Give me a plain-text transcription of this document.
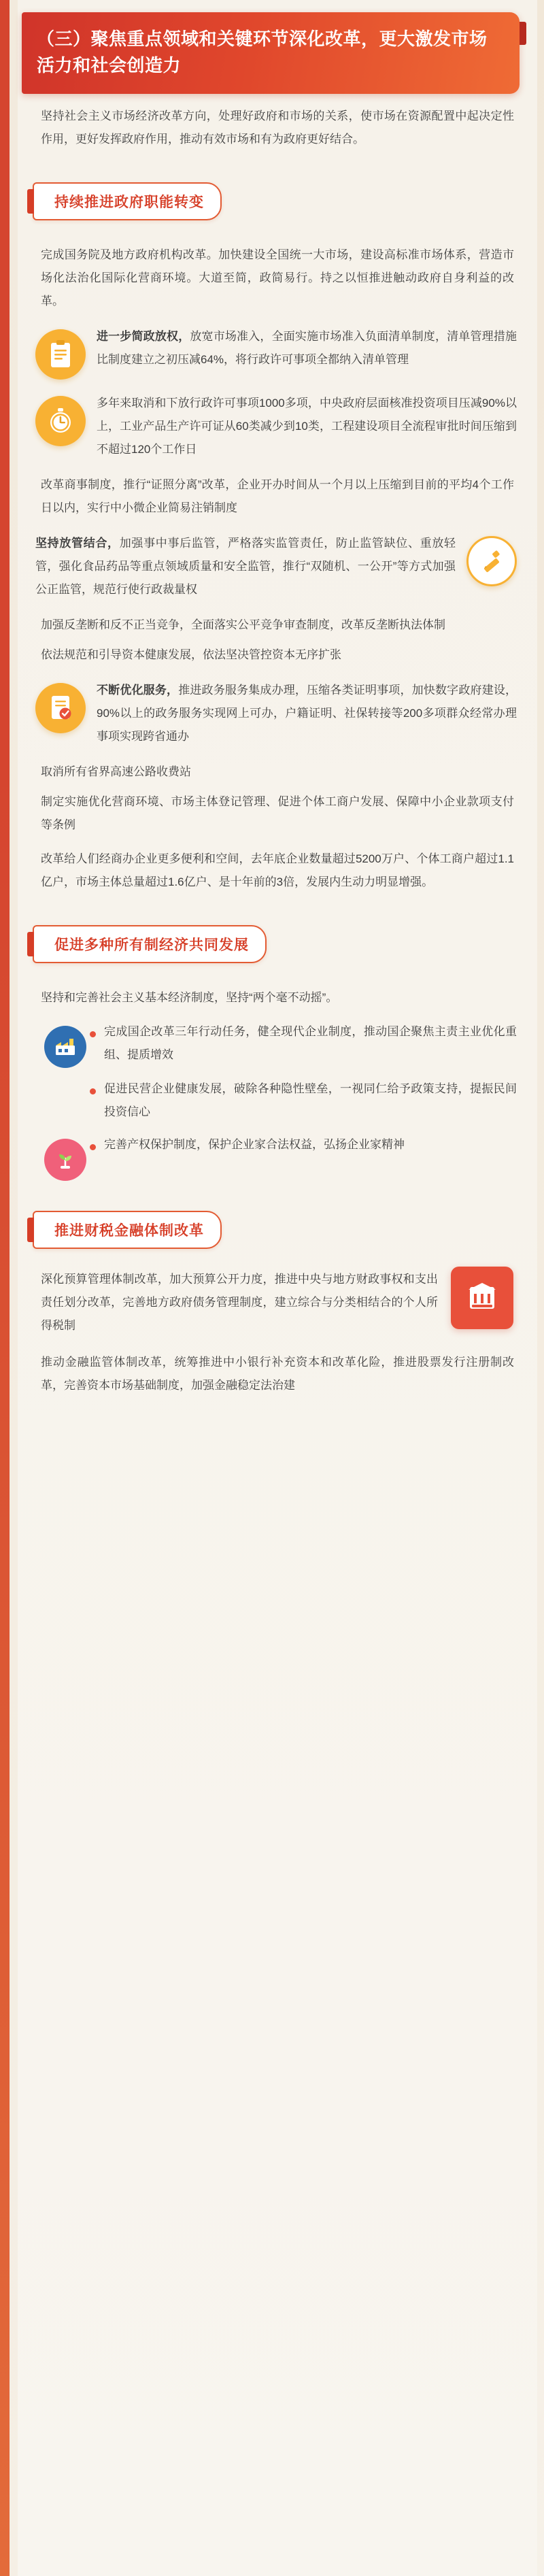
（三）聚焦重点领域和关键环节深化改革，更大激发市场活力和社会创造力

坚持社会主义市场经济改革方向，处理好政府和市场的关系，使市场在资源配置中起决定性作用，更好发挥政府作用，推动有效市场和有为政府更好结合。

持续推进政府职能转变

完成国务院及地方政府机构改革。加快建设全国统一大市场，建设高标准市场体系，营造市场化法治化国际化营商环境。大道至简，政简易行。持之以恒推进触动政府自身利益的改革。

进一步简政放权，放宽市场准入，全面实施市场准入负面清单制度，清单管理措施比制度建立之初压减64%，将行政许可事项全都纳入清单管理
多年来取消和下放行政许可事项1000多项，中央政府层面核准投资项目压减90%以上，工业产品生产许可证从60类减少到10类，工程建设项目全流程审批时间压缩到不超过120个工作日

改革商事制度，推行“证照分离”改革，企业开办时间从一个月以上压缩到目前的平均4个工作日以内，实行中小微企业简易注销制度

坚持放管结合，加强事中事后监管，严格落实监管责任，防止监管缺位、重放轻管，强化食品药品等重点领域质量和安全监管，推行“双随机、一公开”等方式加强公正监管，规范行使行政裁量权

加强反垄断和反不正当竞争，全面落实公平竞争审查制度，改革反垄断执法体制

依法规范和引导资本健康发展，依法坚决管控资本无序扩张

不断优化服务，推进政务服务集成办理，压缩各类证明事项，加快数字政府建设，90%以上的政务服务实现网上可办，户籍证明、社保转接等200多项群众经常办理事项实现跨省通办

取消所有省界高速公路收费站

制定实施优化营商环境、市场主体登记管理、促进个体工商户发展、保障中小企业款项支付等条例

改革给人们经商办企业更多便利和空间，去年底企业数量超过5200万户、个体工商户超过1.1亿户，市场主体总量超过1.6亿户、是十年前的3倍，发展内生动力明显增强。

促进多种所有制经济共同发展

坚持和完善社会主义基本经济制度，坚持“两个毫不动摇”。

完成国企改革三年行动任务，健全现代企业制度，推动国企聚焦主责主业优化重组、提质增效
促进民营企业健康发展，破除各种隐性壁垒，一视同仁给予政策支持，提振民间投资信心
完善产权保护制度，保护企业家合法权益，弘扬企业家精神
推进财税金融体制改革

深化预算管理体制改革，加大预算公开力度，推进中央与地方财政事权和支出责任划分改革，完善地方政府债务管理制度，建立综合与分类相结合的个人所得税制

推动金融监管体制改革，统筹推进中小银行补充资本和改革化险，推进股票发行注册制改革，完善资本市场基础制度，加强金融稳定法治建
